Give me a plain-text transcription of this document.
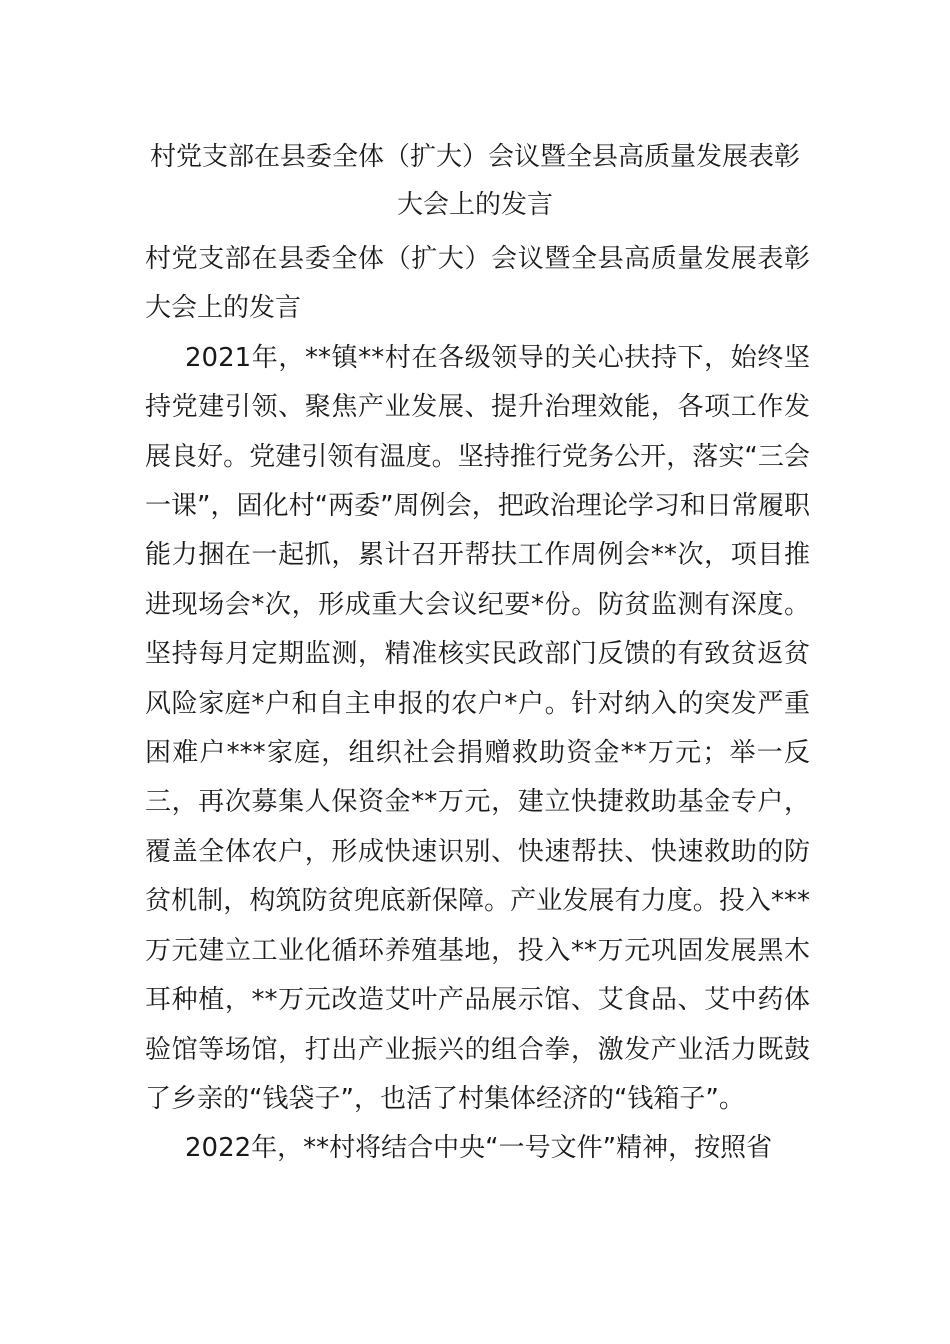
村党支部在县委全体（扩大）会议暨全县高质量发展表彰
大会上的发言

村党支部在县委全体（扩大）会议暨全县高质量发展表彰大会上的发言

2021年，**镇**村在各级领导的关心扶持下，始终坚持党建引领、聚焦产业发展、提升治理效能，各项工作发展良好。党建引领有温度。坚持推行党务公开，落实“三会一课”，固化村“两委”周例会，把政治理论学习和日常履职能力捆在一起抓，累计召开帮扶工作周例会**次，项目推进现场会*次，形成重大会议纪要*份。防贫监测有深度。坚持每月定期监测，精准核实民政部门反馈的有致贫返贫风险家庭*户和自主申报的农户*户。针对纳入的突发严重困难户***家庭，组织社会捐赠救助资金**万元；举一反三，再次募集人保资金**万元，建立快捷救助基金专户，覆盖全体农户，形成快速识别、快速帮扶、快速救助的防贫机制，构筑防贫兜底新保障。产业发展有力度。投入***万元建立工业化循环养殖基地，投入**万元巩固发展黑木耳种植，**万元改造艾叶产品展示馆、艾食品、艾中药体验馆等场馆，打出产业振兴的组合拳，激发产业活力既鼓了乡亲的“钱袋子”，也活了村集体经济的“钱箱子”。

2022年，**村将结合中央“一号文件”精神，按照省
